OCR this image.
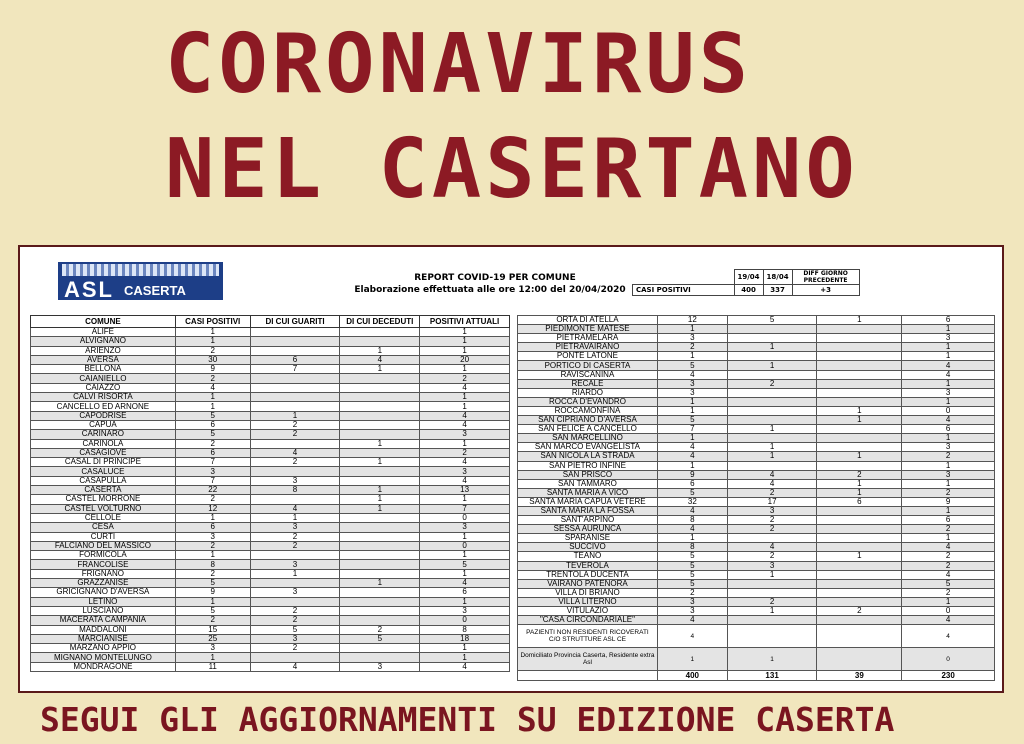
CORONAVIRUS
NEL CASERTANO
ASL CASERTA
REPORT COVID-19 PER COMUNE
Elaborazione effettuata alle ore 12:00 del 20/04/2020
	19/04	18/04	DIFF GIORNO PRECEDENTE
CASI POSITIVI	400	337	+3
COMUNE	CASI POSITIVI	DI CUI GUARITI	DI CUI DECEDUTI	POSITIVI ATTUALI
ALIFE	1			1
ALVIGNANO	1			1
ARIENZO	2		1	1
AVERSA	30	6	4	20
BELLONA	9	7	1	1
CAIANIELLO	2			2
CAIAZZO	4			4
CALVI RISORTA	1			1
CANCELLO ED ARNONE	1			1
CAPODRISE	5	1		4
CAPUA	6	2		4
CARINARO	5	2		3
CARINOLA	2		1	1
CASAGIOVE	6	4		2
CASAL DI PRINCIPE	7	2	1	4
CASALUCE	3			3
CASAPULLA	7	3		4
CASERTA	22	8	1	13
CASTEL MORRONE	2		1	1
CASTEL VOLTURNO	12	4	1	7
CELLOLE	1	1		0
CESA	6	3		3
CURTI	3	2		1
FALCIANO DEL MASSICO	2	2		0
FORMICOLA	1			1
FRANCOLISE	8	3		5
FRIGNANO	2	1		1
GRAZZANISE	5		1	4
GRICIGNANO D'AVERSA	9	3		6
LETINO	1			1
LUSCIANO	5	2		3
MACERATA CAMPANIA	2	2		0
MADDALONI	15	5	2	8
MARCIANISE	25	3	5	18
MARZANO APPIO	3	2		1
MIGNANO MONTELUNGO	1			1
MONDRAGONE	11	4	3	4
ORTA DI ATELLA	12	5	1	6
PIEDIMONTE MATESE	1			1
PIETRAMELARA	3			3
PIETRAVAIRANO	2	1		1
PONTE LATONE	1			1
PORTICO DI CASERTA	5	1		4
RAVISCANINA	4			4
RECALE	3	2		1
RIARDO	3			3
ROCCA D'EVANDRO	1			1
ROCCAMONFINA	1		1	0
SAN CIPRIANO D'AVERSA	5		1	4
SAN FELICE A CANCELLO	7	1		6
SAN MARCELLINO	1			1
SAN MARCO EVANGELISTA	4	1		3
SAN NICOLA LA STRADA	4	1	1	2
SAN PIETRO INFINE	1			1
SAN PRISCO	9	4	2	3
SAN TAMMARO	6	4	1	1
SANTA MARIA A VICO	5	2	1	2
SANTA MARIA CAPUA VETERE	32	17	6	9
SANTA MARIA LA FOSSA	4	3		1
SANT'ARPINO	8	2		6
SESSA AURUNCA	4	2		2
SPARANISE	1			1
SUCCIVO	8	4		4
TEANO	5	2	1	2
TEVEROLA	5	3		2
TRENTOLA DUCENTA	5	1		4
VAIRANO PATENORA	5			5
VILLA DI BRIANO	2			2
VILLA LITERNO	3	2		1
VITULAZIO	3	1	2	0
"CASA CIRCONDARIALE"	4			4
PAZIENTI NON RESIDENTI RICOVERATI C/O STRUTTURE ASL CE	4			4
Domiciliato Provincia Caserta, Residente extra Asl	1	1		0
	400	131	39	230
SEGUI GLI AGGIORNAMENTI SU EDIZIONE CASERTA
